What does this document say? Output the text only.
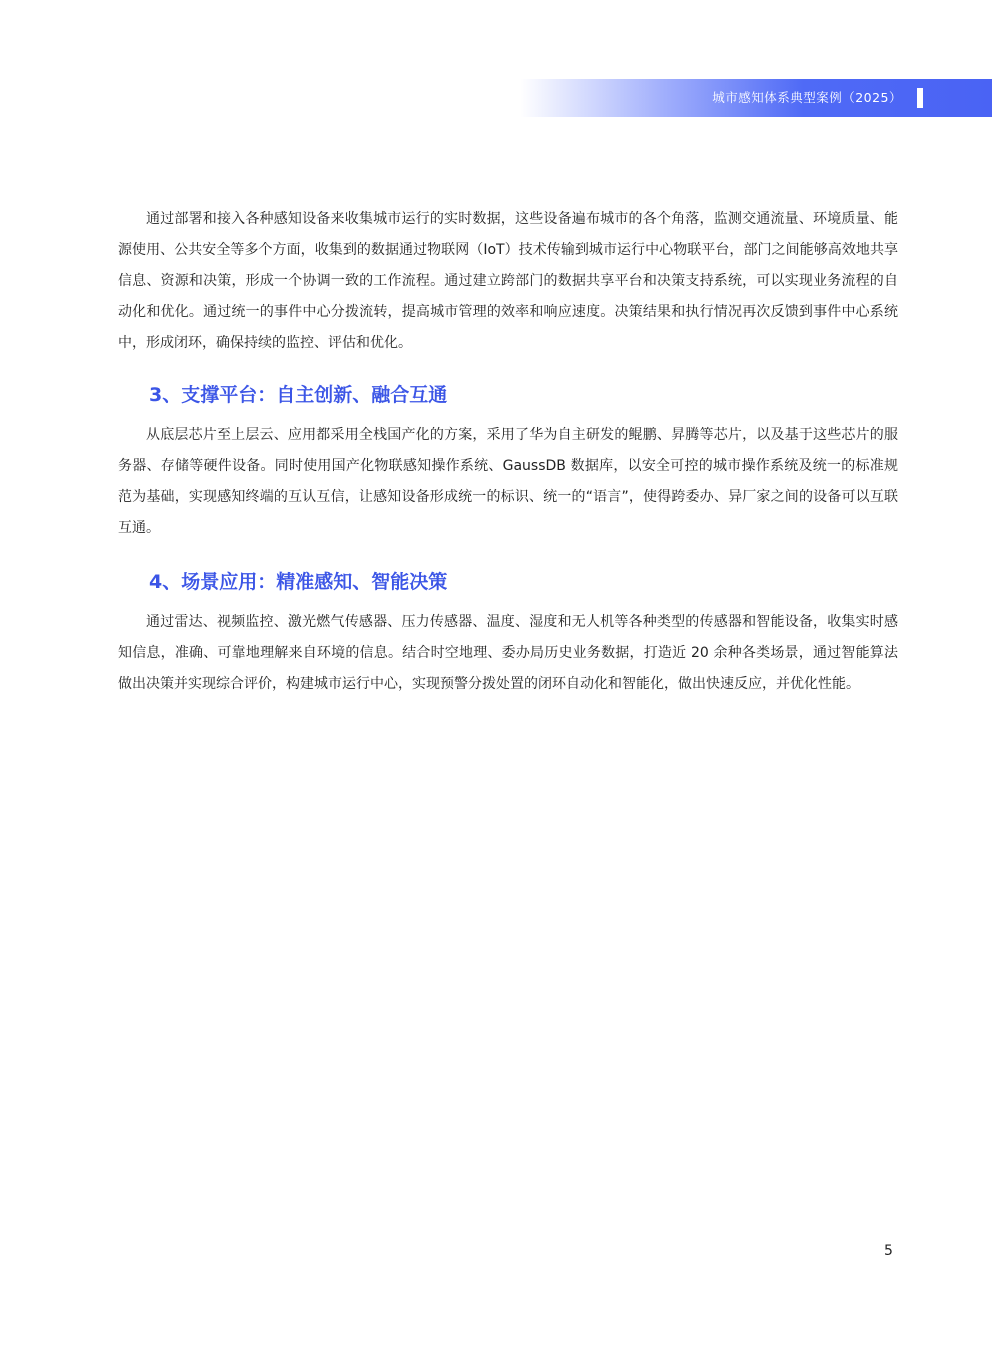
城市感知体系典型案例（2025）

通过部署和接入各种感知设备来收集城市运行的实时数据，这些设备遍布城市的各个角落，监测交通流量、环境质量、能源使用、公共安全等多个方面，收集到的数据通过物联网（IoT）技术传输到城市运行中心物联平台，部门之间能够高效地共享信息、资源和决策，形成一个协调一致的工作流程。通过建立跨部门的数据共享平台和决策支持系统，可以实现业务流程的自动化和优化。通过统一的事件中心分拨流转，提高城市管理的效率和响应速度。决策结果和执行情况再次反馈到事件中心系统中，形成闭环，确保持续的监控、评估和优化。

3、支撑平台：自主创新、融合互通

从底层芯片至上层云、应用都采用全栈国产化的方案，采用了华为自主研发的鲲鹏、昇腾等芯片，以及基于这些芯片的服务器、存储等硬件设备。同时使用国产化物联感知操作系统、GaussDB 数据库，以安全可控的城市操作系统及统一的标准规范为基础，实现感知终端的互认互信，让感知设备形成统一的标识、统一的“语言”，使得跨委办、异厂家之间的设备可以互联互通。

4、场景应用：精准感知、智能决策

通过雷达、视频监控、激光燃气传感器、压力传感器、温度、湿度和无人机等各种类型的传感器和智能设备，收集实时感知信息，准确、可靠地理解来自环境的信息。结合时空地理、委办局历史业务数据，打造近 20 余种各类场景，通过智能算法做出决策并实现综合评价，构建城市运行中心，实现预警分拨处置的闭环自动化和智能化，做出快速反应，并优化性能。

5
